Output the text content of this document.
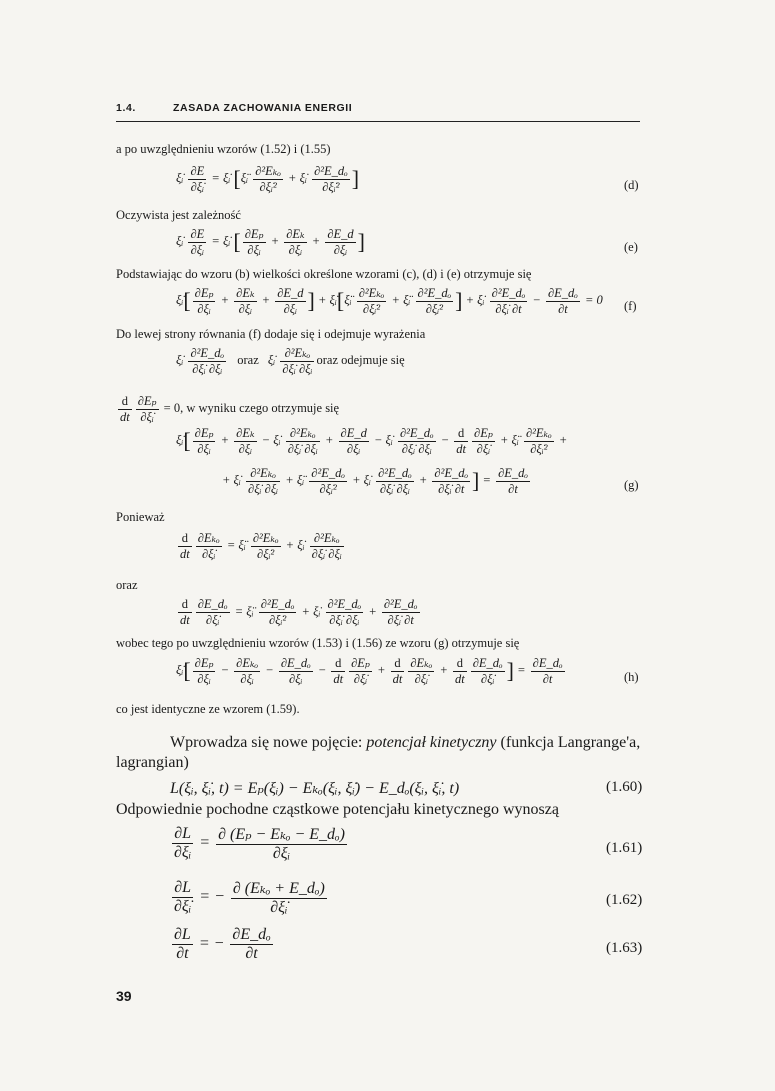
1.4.	ZASADA ZACHOWANIA ENERGII
a po uwzględnieniu wzorów (1.52) i (1.55)
ξ̇ᵢ $\frac{\partial E}{\text{∂ξ̇ᵢ}}$ = ξ̇ᵢ [ξ̈ᵢ $\frac{\text{∂²Eₖₒ}}{\text{∂ξ̇ᵢ²}}$ + ξ̇ᵢ $\frac{\text{∂²E\_dₒ}}{\text{∂ξ̇ᵢ²}}$ ]	(d)
Oczywista jest zależność
ξ̇ᵢ $\frac{\partial E}{\text{∂ξᵢ}}$ = ξ̇ᵢ [ $\frac{\text{∂Eₚ}}{\text{∂ξᵢ}} + \frac{\text{∂Eₖ}}{\text{∂ξᵢ}} + \frac{\partial E\_d}{\text{∂ξᵢ}}$ ]	(e)
Podstawiając do wzoru (b) wielkości określone wzorami (c), (d) i (e) otrzymuje się
ξ̇ᵢ[ $\frac{\text{∂Eₚ}}{\text{∂ξᵢ}} + \frac{\text{∂Eₖ}}{\text{∂ξᵢ}} + \frac{\partial E\_d}{\text{∂ξᵢ}}$ ] + ξ̇ᵢ[ξ̈ᵢ $\frac{\text{∂²Eₖₒ}}{\text{∂ξ̇ᵢ²}}$ + ξ̈ᵢ $\frac{\text{∂²E\_dₒ}}{\text{∂ξ̇ᵢ²}}$ ] + ξ̇ᵢ $\frac{\text{∂²E\_dₒ}}{\text{∂ξ̇ᵢ ∂t}} - \frac{\text{∂E\_dₒ}}{\partial t} = 0$ (f)
Do lewej strony równania (f) dodaje się i odejmuje wyrażenia
ξ̇ᵢ $\frac{\text{∂²E\_dₒ}}{\text{∂ξ̇ᵢ ∂ξᵢ}}$ oraz ξ̇ᵢ $\frac{\text{∂²Eₖₒ}}{\text{∂ξ̇ᵢ ∂ξᵢ}}$ oraz odejmuje się
$\frac{d}{dt} \frac{\text{∂Eₚ}}{\text{∂ξ̇ᵢ}} = 0$, w wyniku czego otrzymuje się
ξ̇ᵢ[ $\frac{\text{∂Eₚ}}{\text{∂ξᵢ}} + \frac{\text{∂Eₖ}}{\text{∂ξᵢ}}$ − ξ̇ᵢ $\frac{\text{∂²Eₖₒ}}{\text{∂ξ̇ᵢ ∂ξᵢ}} + \frac{\partial E\_d}{\text{∂ξᵢ}}$ − ξ̇ᵢ $\frac{\text{∂²E\_dₒ}}{\text{∂ξ̇ᵢ ∂ξᵢ}} - \frac{d}{dt} \frac{\text{∂Eₚ}}{\text{∂ξ̇ᵢ}}$ + ξ̈ᵢ $\frac{\text{∂²Eₖₒ}}{\text{∂ξ̇ᵢ²}}$ +
+ ξ̇ᵢ $\frac{\text{∂²Eₖₒ}}{\text{∂ξ̇ᵢ ∂ξᵢ}}$ + ξ̈ᵢ $\frac{\text{∂²E\_dₒ}}{\text{∂ξ̇ᵢ²}}$ + ξ̇ᵢ $\frac{\text{∂²E\_dₒ}}{\text{∂ξ̇ᵢ ∂ξᵢ}} + \frac{\text{∂²E\_dₒ}}{\text{∂ξ̇ᵢ ∂t}}$ ] = $\frac{\text{∂E\_dₒ}}{\partial t}$	(g)
Ponieważ
$\frac{d}{dt} \frac{\text{∂Eₖₒ}}{\text{∂ξ̇ᵢ}}$ = ξ̈ᵢ $\frac{\text{∂²Eₖₒ}}{\text{∂ξ̇ᵢ²}}$ + ξ̇ᵢ $\frac{\text{∂²Eₖₒ}}{\text{∂ξ̇ᵢ ∂ξᵢ}}$
oraz
$\frac{d}{dt} \frac{\text{∂E\_dₒ}}{\text{∂ξ̇ᵢ}}$ = ξ̈ᵢ $\frac{\text{∂²E\_dₒ}}{\text{∂ξ̇ᵢ²}}$ + ξ̇ᵢ $\frac{\text{∂²E\_dₒ}}{\text{∂ξ̇ᵢ ∂ξᵢ}} + \frac{\text{∂²E\_dₒ}}{\text{∂ξ̇ᵢ ∂t}}$
wobec tego po uwzględnieniu wzorów (1.53) i (1.56) ze wzoru (g) otrzymuje się
ξ̇ᵢ[ $\frac{\text{∂Eₚ}}{\text{∂ξᵢ}} - \frac{\text{∂Eₖₒ}}{\text{∂ξᵢ}} - \frac{\text{∂E\_dₒ}}{\text{∂ξᵢ}} - \frac{d}{dt} \frac{\text{∂Eₚ}}{\text{∂ξ̇ᵢ}} + \frac{d}{dt} \frac{\text{∂Eₖₒ}}{\text{∂ξ̇ᵢ}} + \frac{d}{dt} \frac{\text{∂E\_dₒ}}{\text{∂ξ̇ᵢ}}$ ] = $\frac{\text{∂E\_dₒ}}{\partial t}$	(h)
co jest identyczne ze wzorem (1.59).
Wprowadza się nowe pojęcie: potencjał kinetyczny (funkcja Langrange'a,
lagrangian)
L(ξᵢ, ξ̇ᵢ, t) = Eₚ(ξᵢ) − Eₖₒ(ξᵢ, ξ̇ᵢ) − E_dₒ(ξᵢ, ξ̇ᵢ, t)	(1.60)
Odpowiednie pochodne cząstkowe potencjału kinetycznego wynoszą
$\frac{\partial L}{\text{∂ξᵢ}} = \frac{\text{∂ (Eₚ − Eₖₒ − E\_dₒ)}}{\text{∂ξᵢ}}$	(1.61)
$\frac{\partial L}{\text{∂ξ̇ᵢ}}$ = − $\frac{\text{∂ (Eₖₒ + E\_dₒ)}}{\text{∂ξ̇ᵢ}}$	(1.62)
$\frac{\partial L}{\partial t}$ = − $\frac{\text{∂E\_dₒ}}{\partial t}$	(1.63)
39
